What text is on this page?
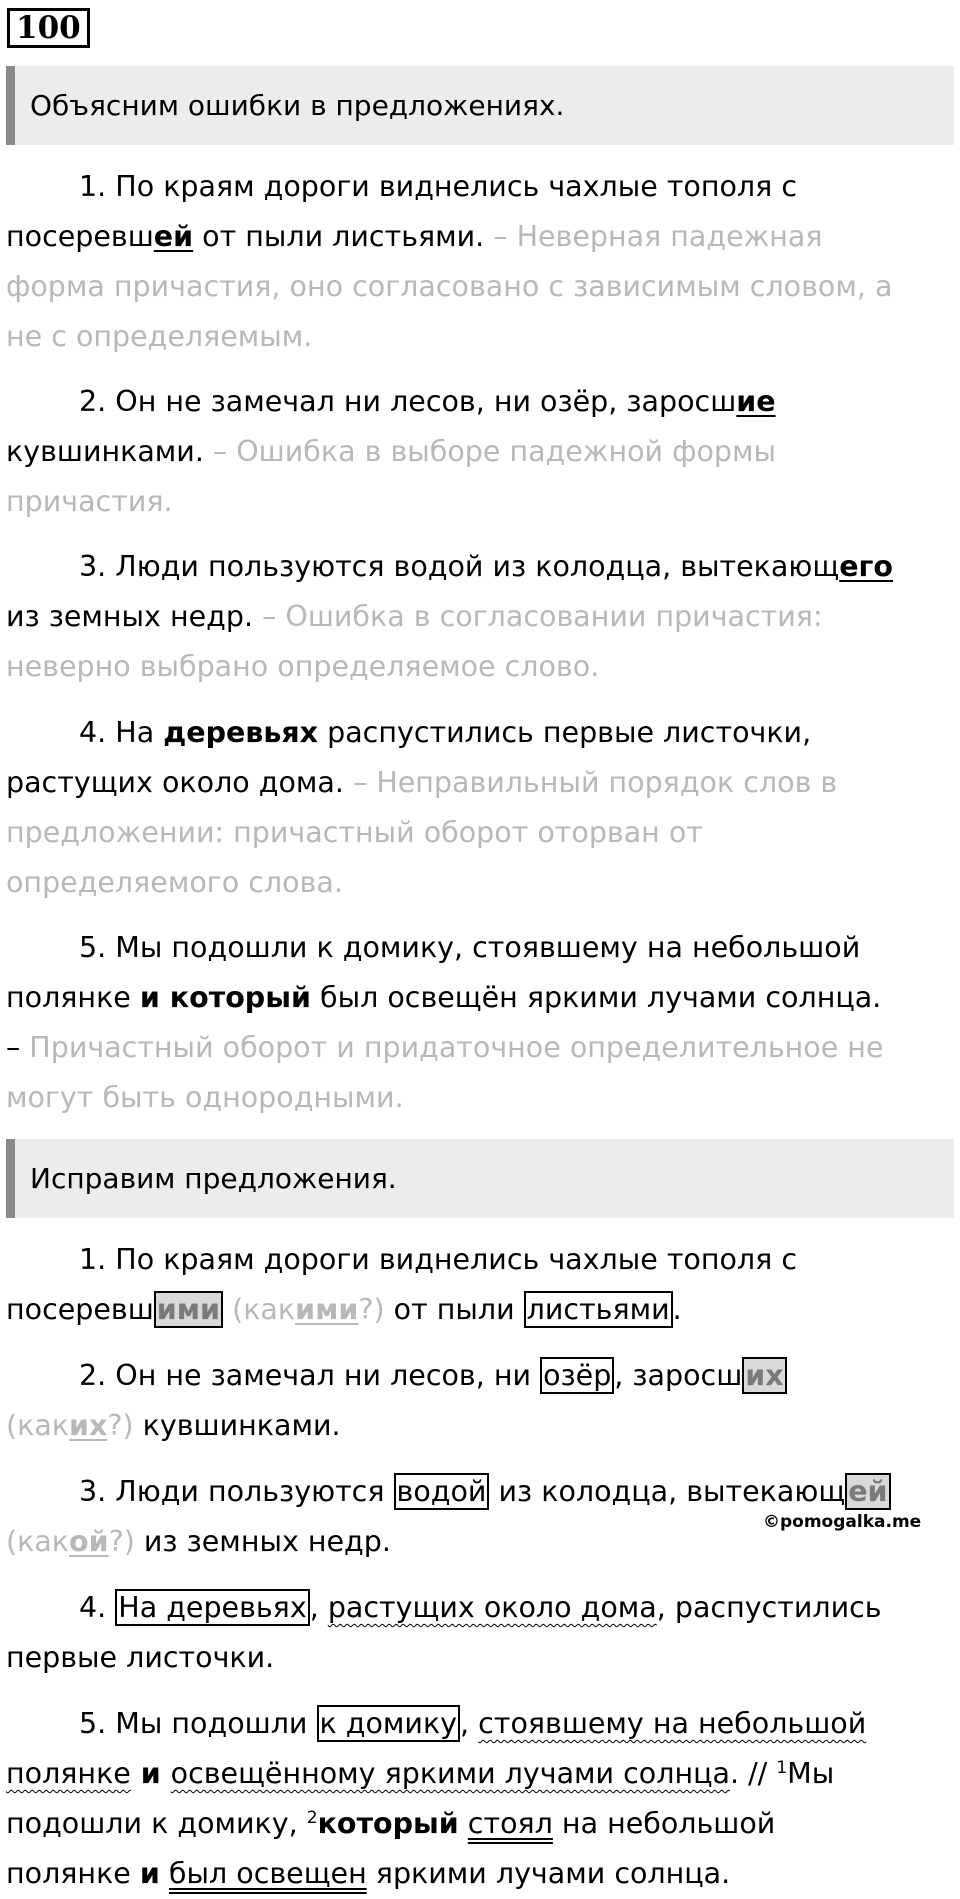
100
Объясним ошибки в предложениях.
1. По краям дороги виднелись чахлые тополя с
посеревшей от пыли листьями. – Неверная падежная
форма причастия, оно согласовано с зависимым словом, а
не с определяемым.
2. Он не замечал ни лесов, ни озёр, заросшие
кувшинками. – Ошибка в выборе падежной формы
причастия.
3. Люди пользуются водой из колодца, вытекающего
из земных недр. – Ошибка в согласовании причастия:
неверно выбрано определяемое слово.
4. На деревьях распустились первые листочки,
растущих около дома. – Неправильный порядок слов в
предложении: причастный оборот оторван от
определяемого слова.
5. Мы подошли к домику, стоявшему на небольшой
полянке и который был освещён яркими лучами солнца.
– Причастный оборот и придаточное определительное не
могут быть однородными.
Исправим предложения.
1. По краям дороги виднелись чахлые тополя с
посеревш ими (какими?) от пыли листьями .
2. Он не замечал ни лесов, ни озёр , заросш их
(каких?) кувшинками.
3. Люди пользуются водой из колодца, вытекающ ей
(какой?) из земных недр.
©pomogalka.me
4. На деревьях , растущих около дома, распустились
первые листочки.
5. Мы подошли к домику , стоявшему на небольшой
полянке и освещённому яркими лучами солнца. // $^1$Мы
подошли к домику, $^2$который стоял на небольшой
полянке и был освещен яркими лучами солнца.
